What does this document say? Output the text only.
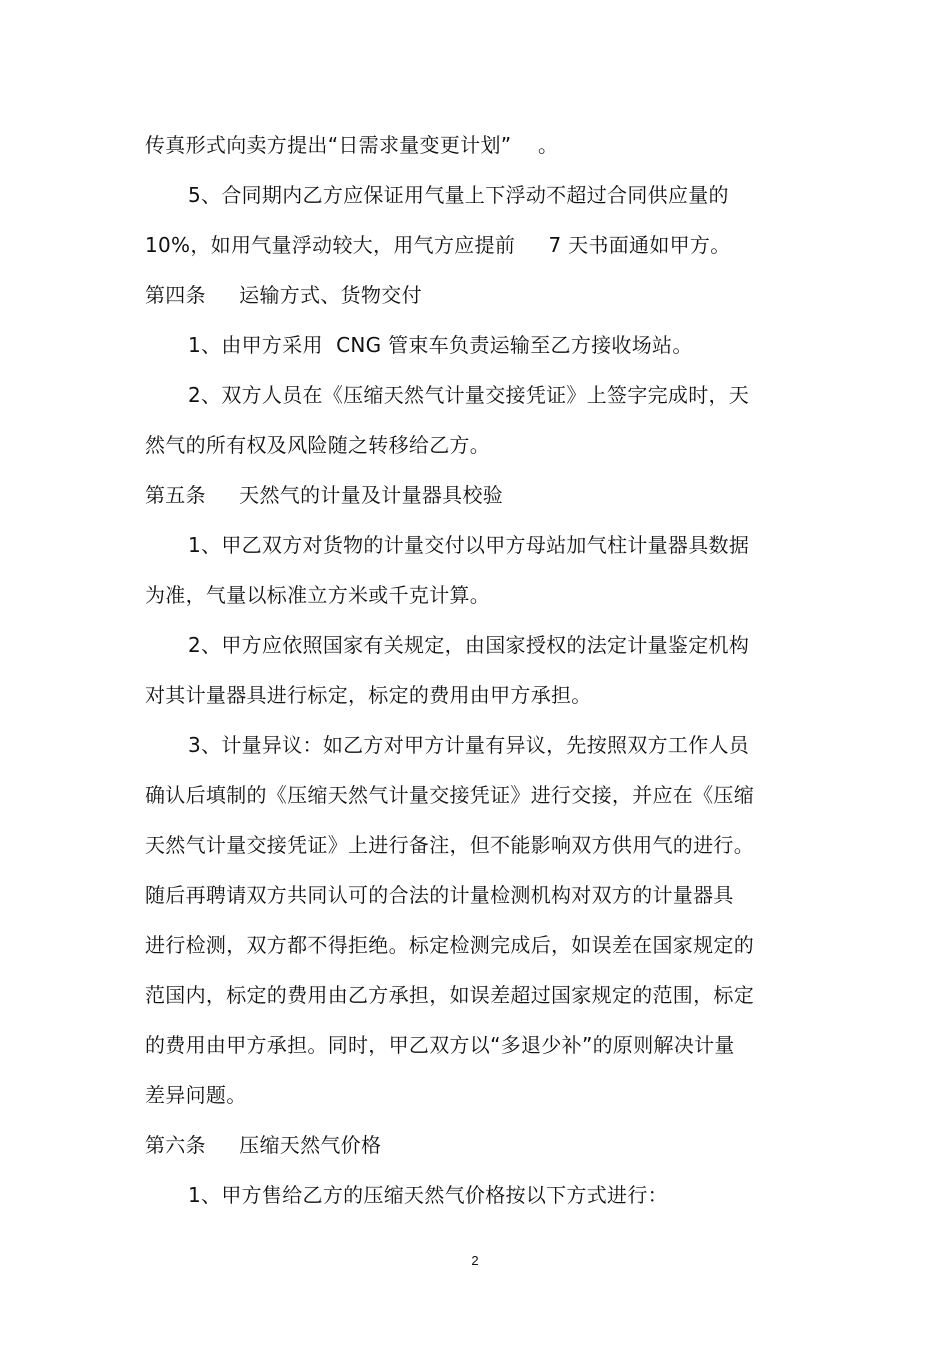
传真形式向卖方提出“日需求量变更计划”    。
5、合同期内乙方应保证用气量上下浮动不超过合同供应量的
10%，如用气量浮动较大，用气方应提前     7 天书面通如甲方。
第四条     运输方式、货物交付
1、由甲方采用  CNG 管束车负责运输至乙方接收场站。
2、双方人员在《压缩天然气计量交接凭证》上签字完成时，天
然气的所有权及风险随之转移给乙方。
第五条     天然气的计量及计量器具校验
1、甲乙双方对货物的计量交付以甲方母站加气柱计量器具数据
为准，气量以标准立方米或千克计算。
2、甲方应依照国家有关规定，由国家授权的法定计量鉴定机构
对其计量器具进行标定，标定的费用由甲方承担。
3、计量异议：如乙方对甲方计量有异议，先按照双方工作人员
确认后填制的《压缩天然气计量交接凭证》进行交接，并应在《压缩
天然气计量交接凭证》上进行备注，但不能影响双方供用气的进行。
随后再聘请双方共同认可的合法的计量检测机构对双方的计量器具
进行检测，双方都不得拒绝。标定检测完成后，如误差在国家规定的
范国内，标定的费用由乙方承担，如误差超过国家规定的范围，标定
的费用由甲方承担。同时，甲乙双方以“多退少补”的原则解决计量
差异问题。
第六条     压缩天然气价格
1、甲方售给乙方的压缩天然气价格按以下方式进行：
2
